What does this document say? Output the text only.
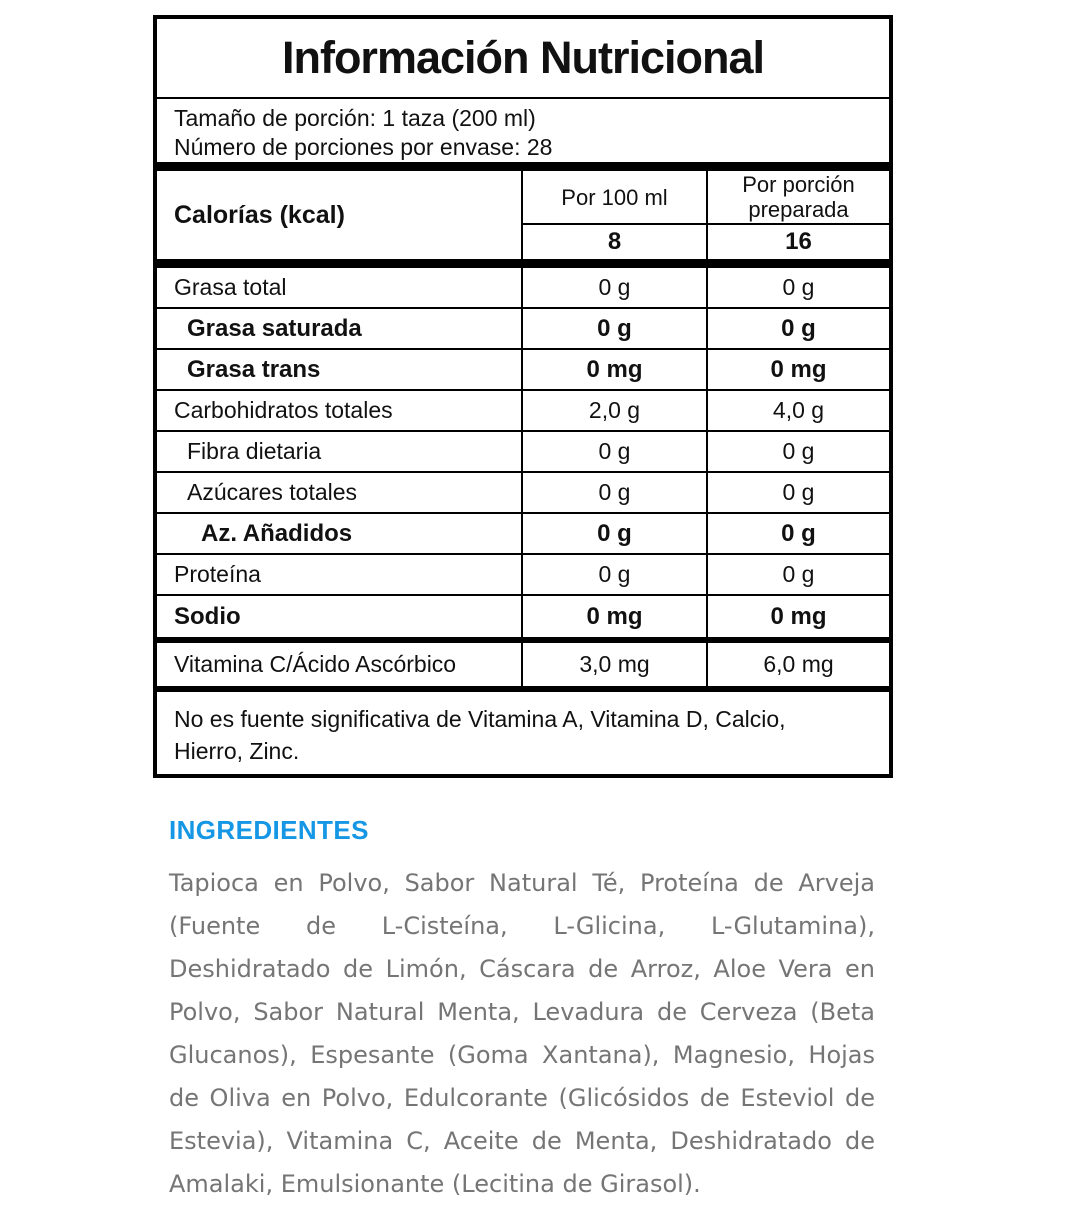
Información Nutricional
Tamaño de porción: 1 taza (200 ml)
Número de porciones por envase: 28
Calorías (kcal)
Por 100 ml	Por porción preparada
8	16
Grasa total	0 g	0 g
Grasa saturada	0 g	0 g
Grasa trans	0 mg	0 mg
Carbohidratos totales	2,0 g	4,0 g
Fibra dietaria	0 g	0 g
Azúcares totales	0 g	0 g
Az. Añadidos	0 g	0 g
Proteína	0 g	0 g
Sodio	0 mg	0 mg
Vitamina C/Ácido Ascórbico	3,0 mg	6,0 mg

No es fuente significativa de Vitamina A, Vitamina D, Calcio, Hierro, Zinc.

INGREDIENTES

Tapioca en Polvo, Sabor Natural Té, Proteína de Arveja (Fuente de L-Cisteína, L-Glicina, L-Glutamina), Deshidratado de Limón, Cáscara de Arroz, Aloe Vera en Polvo, Sabor Natural Menta, Levadura de Cerveza (Beta Glucanos), Espesante (Goma Xantana), Magnesio, Hojas de Oliva en Polvo, Edulcorante (Glicósidos de Esteviol de Estevia), Vitamina C, Aceite de Menta, Deshidratado de Amalaki, Emulsionante (Lecitina de Girasol).
